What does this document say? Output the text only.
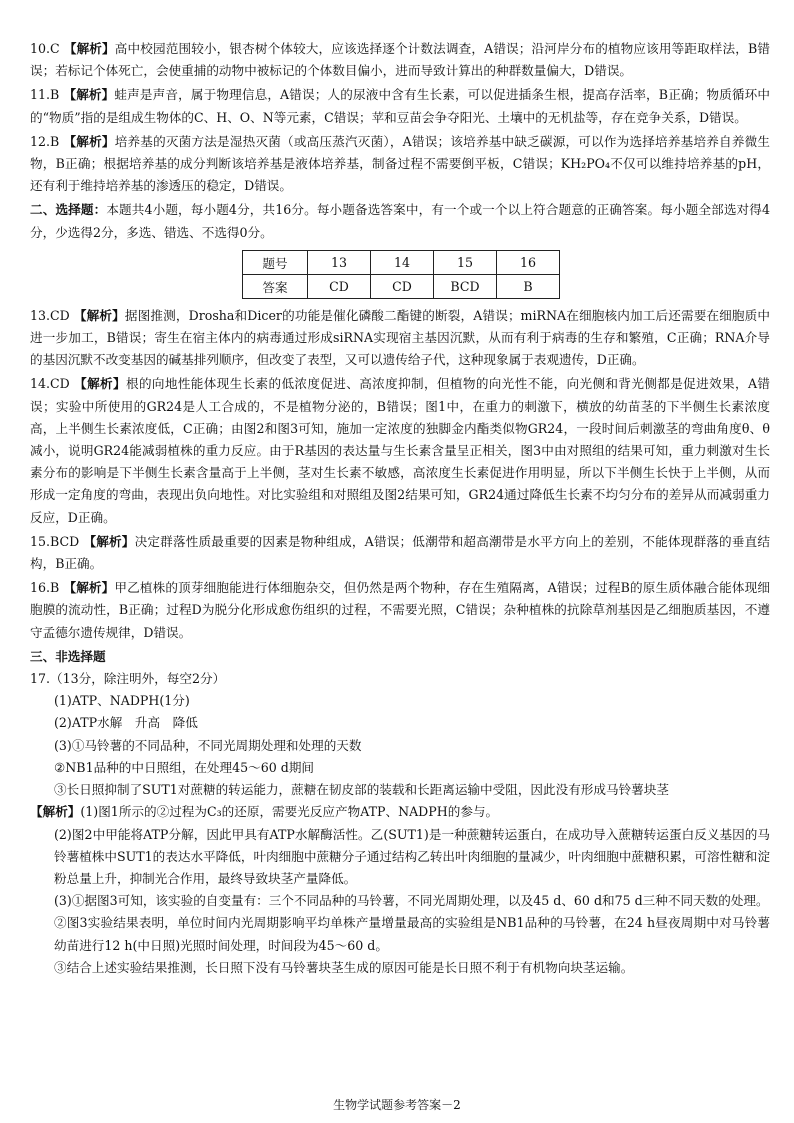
10.C 【解析】高中校园范围较小，银杏树个体较大，应该选择逐个计数法调查，A错误；沿河岸分布的植物应该用等距取样法，B错误；若标记个体死亡，会使重捕的动物中被标记的个体数目偏小，进而导致计算出的种群数量偏大，D错误。

11.B 【解析】蛙声是声音，属于物理信息，A错误；人的尿液中含有生长素，可以促进插条生根，提高存活率，B正确；物质循环中的“物质”指的是组成生物体的C、H、O、N等元素，C错误；苹和豆苗会争夺阳光、土壤中的无机盐等，存在竞争关系，D错误。

12.B 【解析】培养基的灭菌方法是湿热灭菌（或高压蒸汽灭菌），A错误；该培养基中缺乏碳源，可以作为选择培养基培养自养微生物，B正确；根据培养基的成分判断该培养基是液体培养基，制备过程不需要倒平板，C错误；KH₂PO₄不仅可以维持培养基的pH，还有利于维持培养基的渗透压的稳定，D错误。

二、选择题：本题共4小题，每小题4分，共16分。每小题备选答案中，有一个或一个以上符合题意的正确答案。每小题全部选对得4分，少选得2分，多选、错选、不选得0分。

题号	13	14	15	16
答案	CD	CD	BCD	B

13.CD 【解析】据图推测，Drosha和Dicer的功能是催化磷酸二酯键的断裂，A错误；miRNA在细胞核内加工后还需要在细胞质中进一步加工，B错误；寄生在宿主体内的病毒通过形成siRNA实现宿主基因沉默，从而有利于病毒的生存和繁殖，C正确；RNA介导的基因沉默不改变基因的碱基排列顺序，但改变了表型，又可以遗传给子代，这种现象属于表观遗传，D正确。

14.CD 【解析】根的向地性能体现生长素的低浓度促进、高浓度抑制，但植物的向光性不能，向光侧和背光侧都是促进效果，A错误；实验中所使用的GR24是人工合成的，不是植物分泌的，B错误；图1中，在重力的刺激下，横放的幼苗茎的下半侧生长素浓度高，上半侧生长素浓度低，C正确；由图2和图3可知，施加一定浓度的独脚金内酯类似物GR24，一段时间后刺激茎的弯曲角度θ、θ减小，说明GR24能减弱植株的重力反应。由于R基因的表达量与生长素含量呈正相关，图3中由对照组的结果可知，重力刺激对生长素分布的影响是下半侧生长素含量高于上半侧，茎对生长素不敏感，高浓度生长素促进作用明显，所以下半侧生长快于上半侧，从而形成一定角度的弯曲，表现出负向地性。对比实验组和对照组及图2结果可知，GR24通过降低生长素不均匀分布的差异从而减弱重力反应，D正确。

15.BCD 【解析】决定群落性质最重要的因素是物种组成，A错误；低潮带和超高潮带是水平方向上的差别，不能体现群落的垂直结构，B正确。

16.B 【解析】甲乙植株的顶芽细胞能进行体细胞杂交，但仍然是两个物种，存在生殖隔离，A错误；过程B的原生质体融合能体现细胞膜的流动性，B正确；过程D为脱分化形成愈伤组织的过程，不需要光照，C错误；杂种植株的抗除草剂基因是乙细胞质基因，不遵守孟德尔遗传规律，D错误。

三、非选择题

17.（13分，除注明外，每空2分）

(1)ATP、NADPH(1分)

(2)ATP水解　升高　降低

(3)①马铃薯的不同品种，不同光周期处理和处理的天数

②NB1品种的中日照组，在处理45～60 d期间

③长日照抑制了SUT1对蔗糖的转运能力，蔗糖在韧皮部的装载和长距离运输中受阻，因此没有形成马铃薯块茎

【解析】(1)图1所示的②过程为C₃的还原，需要光反应产物ATP、NADPH的参与。

(2)图2中甲能将ATP分解，因此甲具有ATP水解酶活性。乙(SUT1)是一种蔗糖转运蛋白，在成功导入蔗糖转运蛋白反义基因的马铃薯植株中SUT1的表达水平降低，叶肉细胞中蔗糖分子通过结构乙转出叶肉细胞的量减少，叶肉细胞中蔗糖积累，可溶性糖和淀粉总量上升，抑制光合作用，最终导致块茎产量降低。

(3)①据图3可知，该实验的自变量有：三个不同品种的马铃薯，不同光周期处理，以及45 d、60 d和75 d三种不同天数的处理。

②图3实验结果表明，单位时间内光周期影响平均单株产量增量最高的实验组是NB1品种的马铃薯，在24 h昼夜周期中对马铃薯幼苗进行12 h(中日照)光照时间处理，时间段为45～60 d。

③结合上述实验结果推测，长日照下没有马铃薯块茎生成的原因可能是长日照不利于有机物向块茎运输。

生物学试题参考答案－2
